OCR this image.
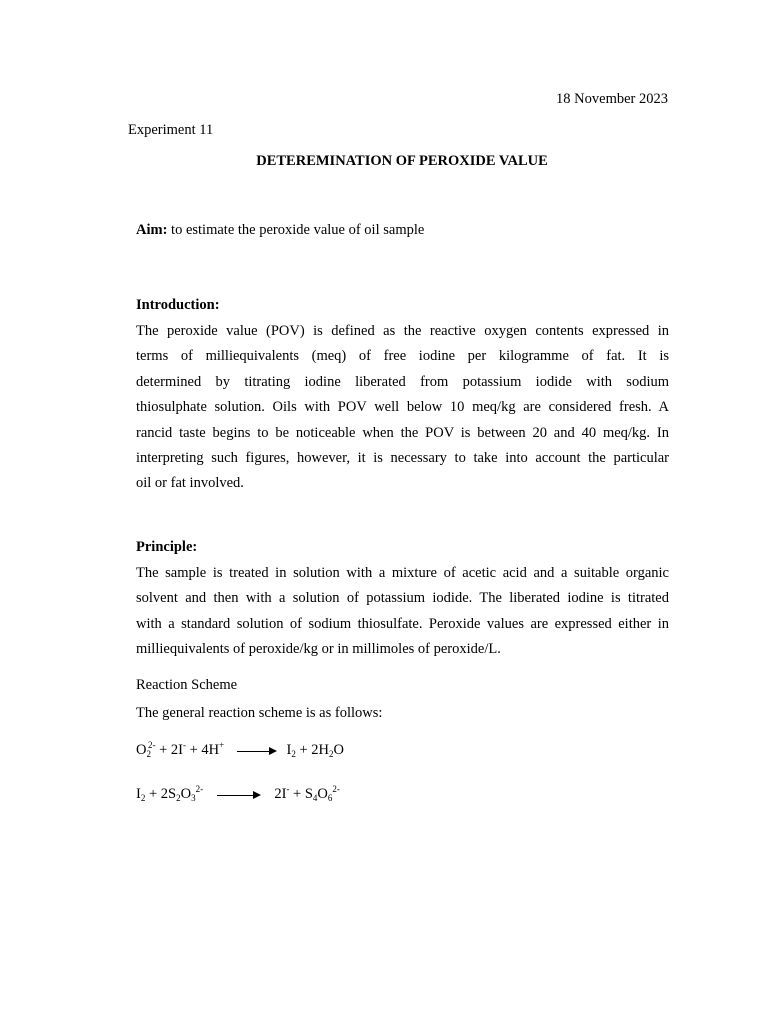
18 November 2023
Experiment 11
DETEREMINATION OF PEROXIDE VALUE
Aim: to estimate the peroxide value of oil sample
Introduction:
The peroxide value (POV) is defined as the reactive oxygen contents expressed in
terms of milliequivalents (meq) of free iodine per kilogramme of fat. It is
determined by titrating iodine liberated from potassium iodide with sodium
thiosulphate solution. Oils with POV well below 10 meq/kg are considered fresh. A
rancid taste begins to be noticeable when the POV is between 20 and 40 meq/kg. In
interpreting such figures, however, it is necessary to take into account the particular
oil or fat involved.
Principle:
The sample is treated in solution with a mixture of acetic acid and a suitable organic
solvent and then with a solution of potassium iodide. The liberated iodine is titrated
with a standard solution of sodium thiosulfate. Peroxide values are expressed either in
milliequivalents of peroxide/kg or in millimoles of peroxide/L.
Reaction Scheme
The general reaction scheme is as follows:
$O_2^{2-} + 2I^- + 4H^+$	$I_2 + 2H_2O$
$I_2 + 2S_2O_3^{2-}$	$2I^- + S_4O_6^{2-}$
